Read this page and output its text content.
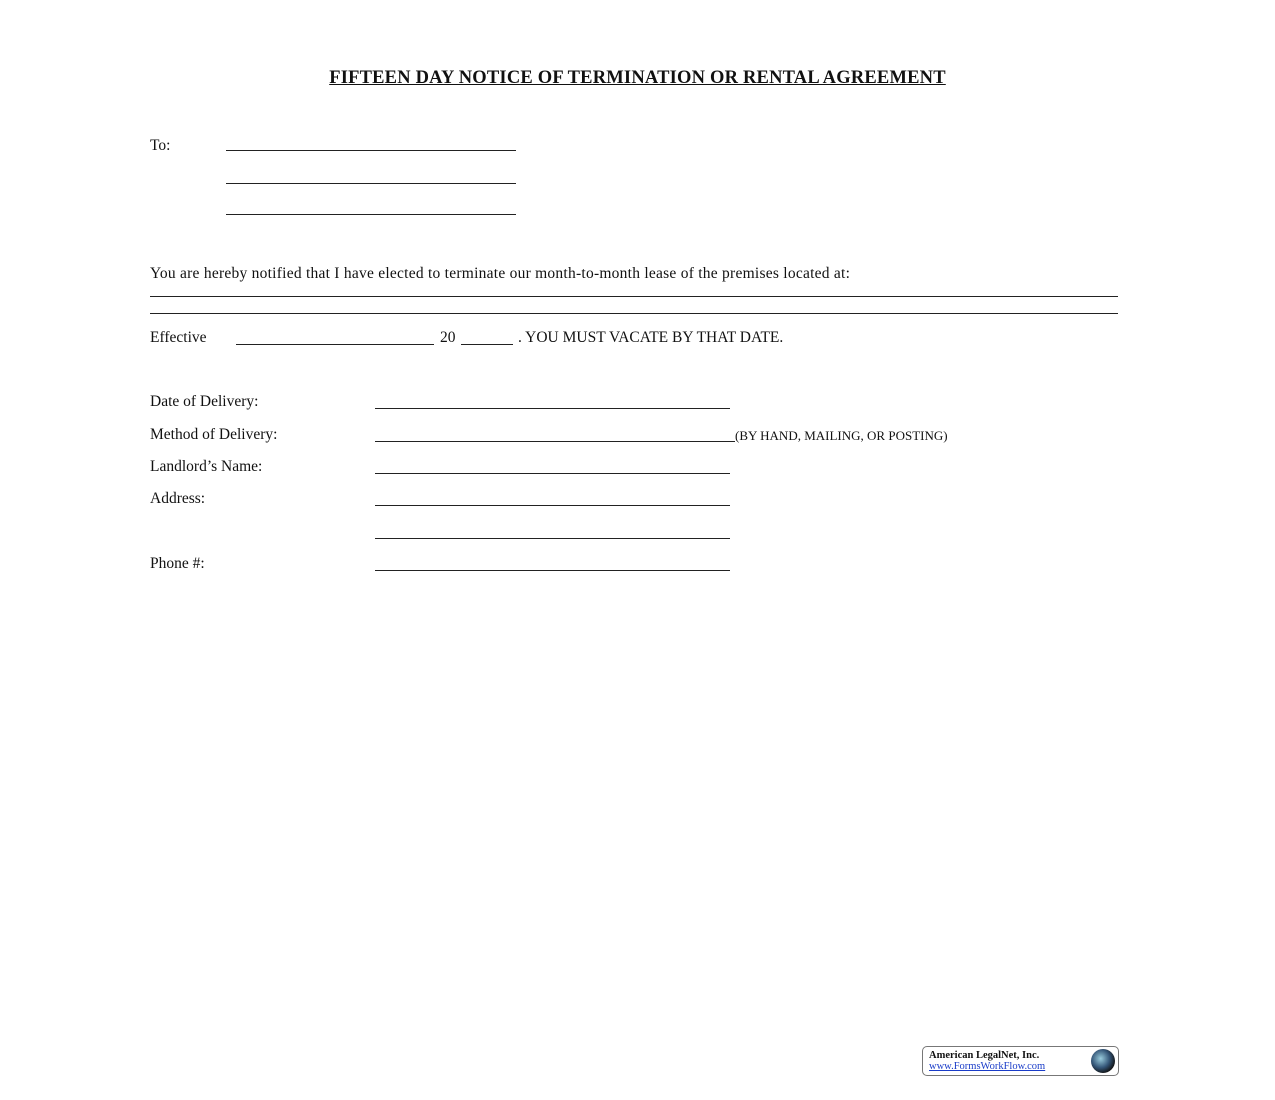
FIFTEEN DAY NOTICE OF TERMINATION OR RENTAL AGREEMENT
To:
You are hereby notified that I have elected to terminate our month-to-month lease of the premises located at:
Effective	20	. YOU MUST VACATE BY THAT DATE.
Date of Delivery:
Method of Delivery:	(BY HAND, MAILING, OR POSTING)
Landlord’s Name:
Address:
Phone #:
American LegalNet, Inc.
www.FormsWorkFlow.com
